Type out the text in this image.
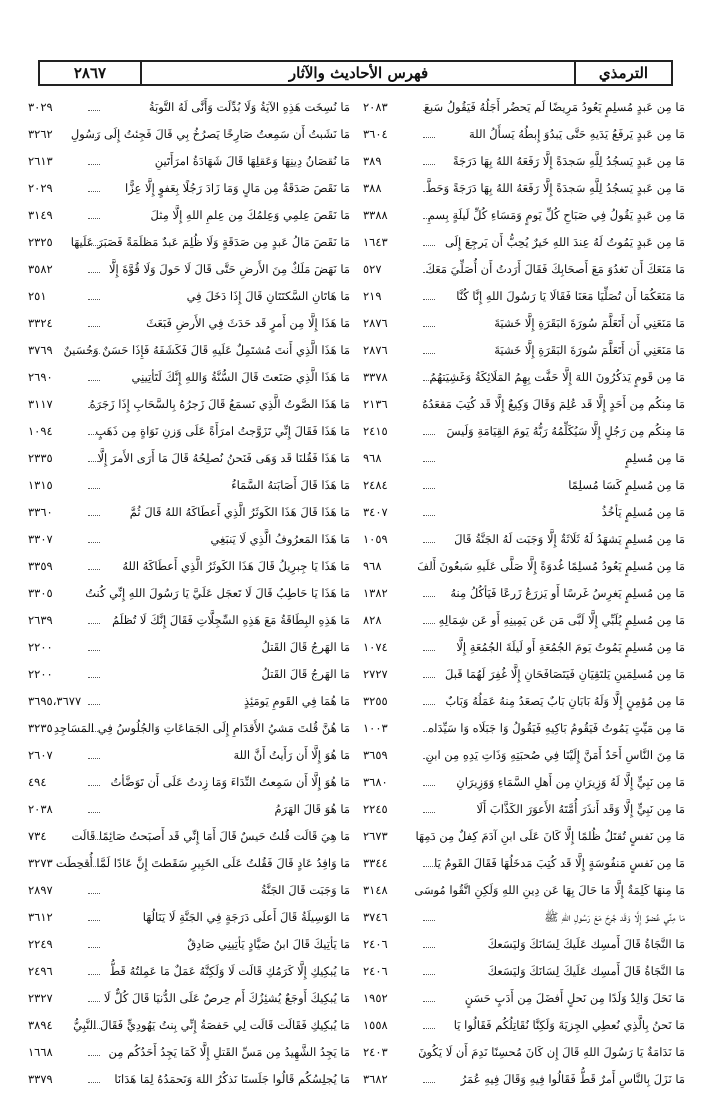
الترمذي
فهرس الأحاديث والآثار
٢٨٦٧
مَا مِن عَبدٍ مُسلِمٍ يَعُودُ مَرِيضًا لَم يَحضُر أَجَلُهُ فَيَقُولُ سَبعَ
٢٠٨٣
مَا مِن عَبدٍ يَرفَعُ يَدَيهِ حَتَّى يَبدُوَ إِبطُهُ يَسأَلُ اللهَ
٣٦٠٤
مَا مِن عَبدٍ يَسجُدُ لِلَّهِ سَجدَةً إِلَّا رَفَعَهُ اللهُ بِهَا دَرَجَةً
٣٨٩
مَا مِن عَبدٍ يَسجُدُ لِلَّهِ سَجدَةً إِلَّا رَفَعَهُ اللهُ بِهَا دَرَجَةً وَحَطَّ
٣٨٨
مَا مِن عَبدٍ يَقُولُ فِي صَبَاحِ كُلِّ يَومٍ وَمَسَاءِ كُلِّ لَيلَةٍ بِسمِ
٣٣٨٨
مَا مِن عَبدٍ يَمُوتُ لَهُ عِندَ اللهِ خَيرٌ يُحِبُّ أَن يَرجِعَ إِلَى
١٦٤٣
مَا مَنَعَكَ أَن تَغدُوَ مَعَ أَصحَابِكَ فَقَالَ أَرَدتُ أَن أُصَلِّيَ مَعَكَ
٥٢٧
مَا مَنَعَكُمَا أَن تُصَلِّيَا مَعَنَا فَقَالَا يَا رَسُولَ اللهِ إِنَّا كُنَّا
٢١٩
مَا مَنَعَنِي أَن أَتَعَلَّمَ سُورَةَ البَقَرَةِ إِلَّا خَشيَةَ
٢٨٧٦
مَا مَنَعَنِي أَن أَتَعَلَّمَ سُورَةَ البَقَرَةِ إِلَّا خَشيَةَ
٢٨٧٦
مَا مِن قَومٍ يَذكُرُونَ اللهَ إِلَّا حَفَّت بِهِمُ المَلَائِكَةُ وَغَشِيَتهُمُ
٣٣٧٨
مَا مِنكُم مِن أَحَدٍ إِلَّا قَد عُلِمَ وَقَالَ وَكِيعٌ إِلَّا قَد كُتِبَ مَقعَدُهُ
٢١٣٦
مَا مِنكُم مِن رَجُلٍ إِلَّا سَيُكَلِّمُهُ رَبُّهُ يَومَ القِيَامَةِ وَلَيسَ
٢٤١٥
مَا مِن مُسلِمٍ
٩٦٨
مَا مِن مُسلِمٍ كَسَا مُسلِمًا
٢٤٨٤
مَا مِن مُسلِمٍ يَأخُذُ
٣٤٠٧
مَا مِن مُسلِمٍ يَشهَدُ لَهُ ثَلَاثَةٌ إِلَّا وَجَبَت لَهُ الجَنَّةُ قَالَ
١٠٥٩
مَا مِن مُسلِمٍ يَعُودُ مُسلِمًا غُدوَةً إِلَّا صَلَّى عَلَيهِ سَبعُونَ أَلفَ
٩٦٨
مَا مِن مُسلِمٍ يَغرِسُ غَرسًا أَو يَزرَعُ زَرعًا فَيَأكُلُ مِنهُ
١٣٨٢
مَا مِن مُسلِمٍ يُلَبِّي إِلَّا لَبَّى مَن عَن يَمِينِهِ أَو عَن شِمَالِهِ
٨٢٨
مَا مِن مُسلِمٍ يَمُوتُ يَومَ الجُمُعَةِ أَو لَيلَةَ الجُمُعَةِ إِلَّا
١٠٧٤
مَا مِن مُسلِمَينِ يَلتَقِيَانِ فَيَتَصَافَحَانِ إِلَّا غُفِرَ لَهُمَا قَبلَ
٢٧٢٧
مَا مِن مُؤمِنٍ إِلَّا وَلَهُ بَابَانِ بَابٌ يَصعَدُ مِنهُ عَمَلُهُ وَبَابٌ
٣٢٥٥
مَا مِن مَيِّتٍ يَمُوتُ فَيَقُومُ بَاكِيهِ فَيَقُولُ وَا جَبَلَاه وَا سَيِّدَاه
١٠٠٣
مَا مِنَ النَّاسِ أَحَدٌ أَمَنَّ إِلَيْنَا فِي صُحبَتِهِ وَذَاتِ يَدِهِ مِن ابنِ
٣٦٥٩
مَا مِن نَبِيٍّ إِلَّا لَهُ وَزِيرَانِ مِن أَهلِ السَّمَاءِ وَوَزِيرَانِ
٣٦٨٠
مَا مِن نَبِيٍّ إِلَّا وَقَد أَنذَرَ أُمَّتَهُ الأَعوَرَ الكَذَّابَ أَلَا
٢٢٤٥
مَا مِن نَفسٍ تُقتَلُ ظُلمًا إِلَّا كَانَ عَلَى ابنِ آدَمَ كِفلٌ مِن دَمِهَا
٢٦٧٣
مَا مِن نَفسٍ مَنفُوسَةٍ إِلَّا قَد كُتِبَ مَدخَلُهَا فَقَالَ القَومُ يَا
٣٣٤٤
مَا مِنهَا كَلِمَةٌ إِلَّا مَا حَالَ بِهَا عَن دِينِ اللهِ وَلَكِنِ اتَّقُوا مُوسَى
٣١٤٨
مَا مِنِّي عُضوٌ إِلَّا وَقَد جُرِحَ مَعَ رَسُولِ اللهِ ﷺ
٣٧٤٦
مَا النَّجَاةُ قَالَ أَمسِك عَلَيكَ لِسَانَكَ وَليَسَعكَ
٢٤٠٦
مَا النَّجَاةُ قَالَ أَمسِك عَلَيكَ لِسَانَكَ وَليَسَعكَ
٢٤٠٦
مَا نَحَلَ وَالِدٌ وَلَدًا مِن نَحلٍ أَفضَلَ مِن أَدَبٍ حَسَنٍ
١٩٥٢
مَا نَحنُ بِالَّذِي نُعطِي الجِزيَةَ وَلَكِنَّا نُقَاتِلُكُم فَقَالُوا يَا
١٥٥٨
مَا نَدَامَةٌ يَا رَسُولَ اللهِ قَالَ إِن كَانَ مُحسِنًا نَدِمَ أَن لَا يَكُونَ
٢٤٠٣
مَا نَزَلَ بِالنَّاسِ أَمرٌ قَطُّ فَقَالُوا فِيهِ وَقَالَ فِيهِ عُمَرُ
٣٦٨٢
مَا نُسِخَت هَذِهِ الآيَةُ وَلَا بُدِّلَت وَأَنَّى لَهُ التَّوبَةُ
٣٠٢٩
مَا نَشَبتُ أَن سَمِعتُ صَارِخًا يَصرُخُ بِي قَالَ فَجِئتُ إِلَى رَسُولِ
٣٢٦٢
مَا نُقصَانُ دِينِهَا وَعَقلِهَا قَالَ شَهَادَةُ امرَأَتَينِ
٢٦١٣
مَا نَقَصَ صَدَقَةٌ مِن مَالٍ وَمَا زَادَ رَجُلًا بِعَفوٍ إِلَّا عِزًّا
٢٠٢٩
مَا نَقَصَ عِلمِي وَعِلمُكَ مِن عِلمِ اللهِ إِلَّا مِثلَ
٣١٤٩
مَا نَقَصَ مَالُ عَبدٍ مِن صَدَقَةٍ وَلَا ظُلِمَ عَبدٌ مَظلَمَةً فَصَبَرَ عَلَيهَا
٢٣٢٥
مَا نَهَضَ مَلَكٌ مِنَ الأَرضِ حَتَّى قَالَ لَا حَولَ وَلَا قُوَّةَ إِلَّا
٣٥٨٢
مَا هَاتَانِ السَّكتَتَانِ قَالَ إِذَا دَخَلَ فِي
٢٥١
مَا هَذَا إِلَّا مِن أَمرٍ قَد حَدَثَ فِي الأَرضِ فَبَعَثَ
٣٣٢٤
مَا هَذَا الَّذِي أَنتَ مُشتَمِلٌ عَلَيهِ قَالَ فَكَشَفَهُ فَإِذَا حَسَنٌ وَحُسَينٌ
٣٧٦٩
مَا هَذَا الَّذِي صَنَعتَ قَالَ السُّنَّةُ وَاللهِ إِنَّكَ لَتَأتِينِي
٢٦٩٠
مَا هَذَا الصَّوتُ الَّذِي نَسمَعُ قَالَ زَجرُهُ بِالسَّحَابِ إِذَا زَجَرَهُ
٣١١٧
مَا هَذَا فَقَالَ إِنِّي تَزَوَّجتُ امرَأَةً عَلَى وَزنِ نَوَاةٍ مِن ذَهَبٍ
١٠٩٤
مَا هَذَا فَقُلنَا قَد وَهَى فَنَحنُ نُصلِحُهُ قَالَ مَا أَرَى الأَمرَ إِلَّا
٢٣٣٥
مَا هَذَا قَالَ أَصَابَتهُ السَّمَاءُ
١٣١٥
مَا هَذَا قَالَ هَذَا الكَوثَرُ الَّذِي أَعطَاكَهُ اللهُ قَالَ ثُمَّ
٣٣٦٠
مَا هَذَا المَعرُوفُ الَّذِي لَا يَنبَغِي
٣٣٠٧
مَا هَذَا يَا جِبرِيلُ قَالَ هَذَا الكَوثَرُ الَّذِي أَعطَاكَهُ اللهُ
٣٣٥٩
مَا هَذَا يَا حَاطِبُ قَالَ لَا تَعجَل عَلَيَّ يَا رَسُولَ اللهِ إِنِّي كُنتُ
٣٣٠٥
مَا هَذِهِ البِطَاقَةُ مَعَ هَذِهِ السِّجِلَّاتِ فَقَالَ إِنَّكَ لَا تُظلَمُ
٢٦٣٩
مَا الهَرجُ قَالَ القَتلُ
٢٢٠٠
مَا الهَرجُ قَالَ القَتلُ
٢٢٠٠
مَا هُمَا فِي القَومِ يَومَئِذٍ
٣٦٩٥،٣٦٧٧
مَا هُنَّ قُلتَ مَشيُ الأَقدَامِ إِلَى الجَمَاعَاتِ وَالجُلُوسُ فِي المَسَاجِدِ
٣٢٣٥
مَا هُوَ إِلَّا أَن رَأَيتُ أَنَّ اللهَ
٢٦٠٧
مَا هُوَ إِلَّا أَن سَمِعتُ النِّدَاءَ وَمَا زِدتُ عَلَى أَن تَوَضَّأتُ
٤٩٤
مَا هُوَ قَالَ الهَرَمُ
٢٠٣٨
مَا هِيَ قَالَت قُلتُ حَيسٌ قَالَ أَمَا إِنِّي قَد أَصبَحتُ صَائِمًا قَالَت
٧٣٤
مَا وَافِدُ عَادٍ قَالَ فَقُلتُ عَلَى الخَبِيرِ سَقَطتَ إِنَّ عَادًا لَمَّا أُقحِطَت
٣٢٧٣
مَا وَجَبَت قَالَ الجَنَّةُ
٢٨٩٧
مَا الوَسِيلَةُ قَالَ أَعلَى دَرَجَةٍ فِي الجَنَّةِ لَا يَنَالُهَا
٣٦١٢
مَا يَأتِيكَ قَالَ ابنُ صَيَّادٍ يَأتِينِي صَادِقٌ
٢٢٤٩
مَا يُبكِيكِ إِلَّا كَرَمُكِ قَالَت لَا وَلَكِنَّهُ عَمَلٌ مَا عَمِلتُهُ قَطُّ
٢٤٩٦
مَا يُبكِيكَ أَوجَعٌ يُشئِزُكَ أَم حِرصٌ عَلَى الدُّنيَا قَالَ كُلٌّ لَا
٢٣٢٧
مَا يُبكِيكِ فَقَالَت قَالَت لِي حَفصَةُ إِنِّي بِنتُ يَهُودِيٍّ فَقَالَ النَّبِيُّ
٣٨٩٤
مَا يَجِدُ الشَّهِيدُ مِن مَسِّ القَتلِ إِلَّا كَمَا يَجِدُ أَحَدُكُم مِن
١٦٦٨
مَا يُجلِسُكُم قَالُوا جَلَسنَا نَذكُرُ اللهَ وَنَحمَدُهُ لِمَا هَدَانَا
٣٣٧٩
